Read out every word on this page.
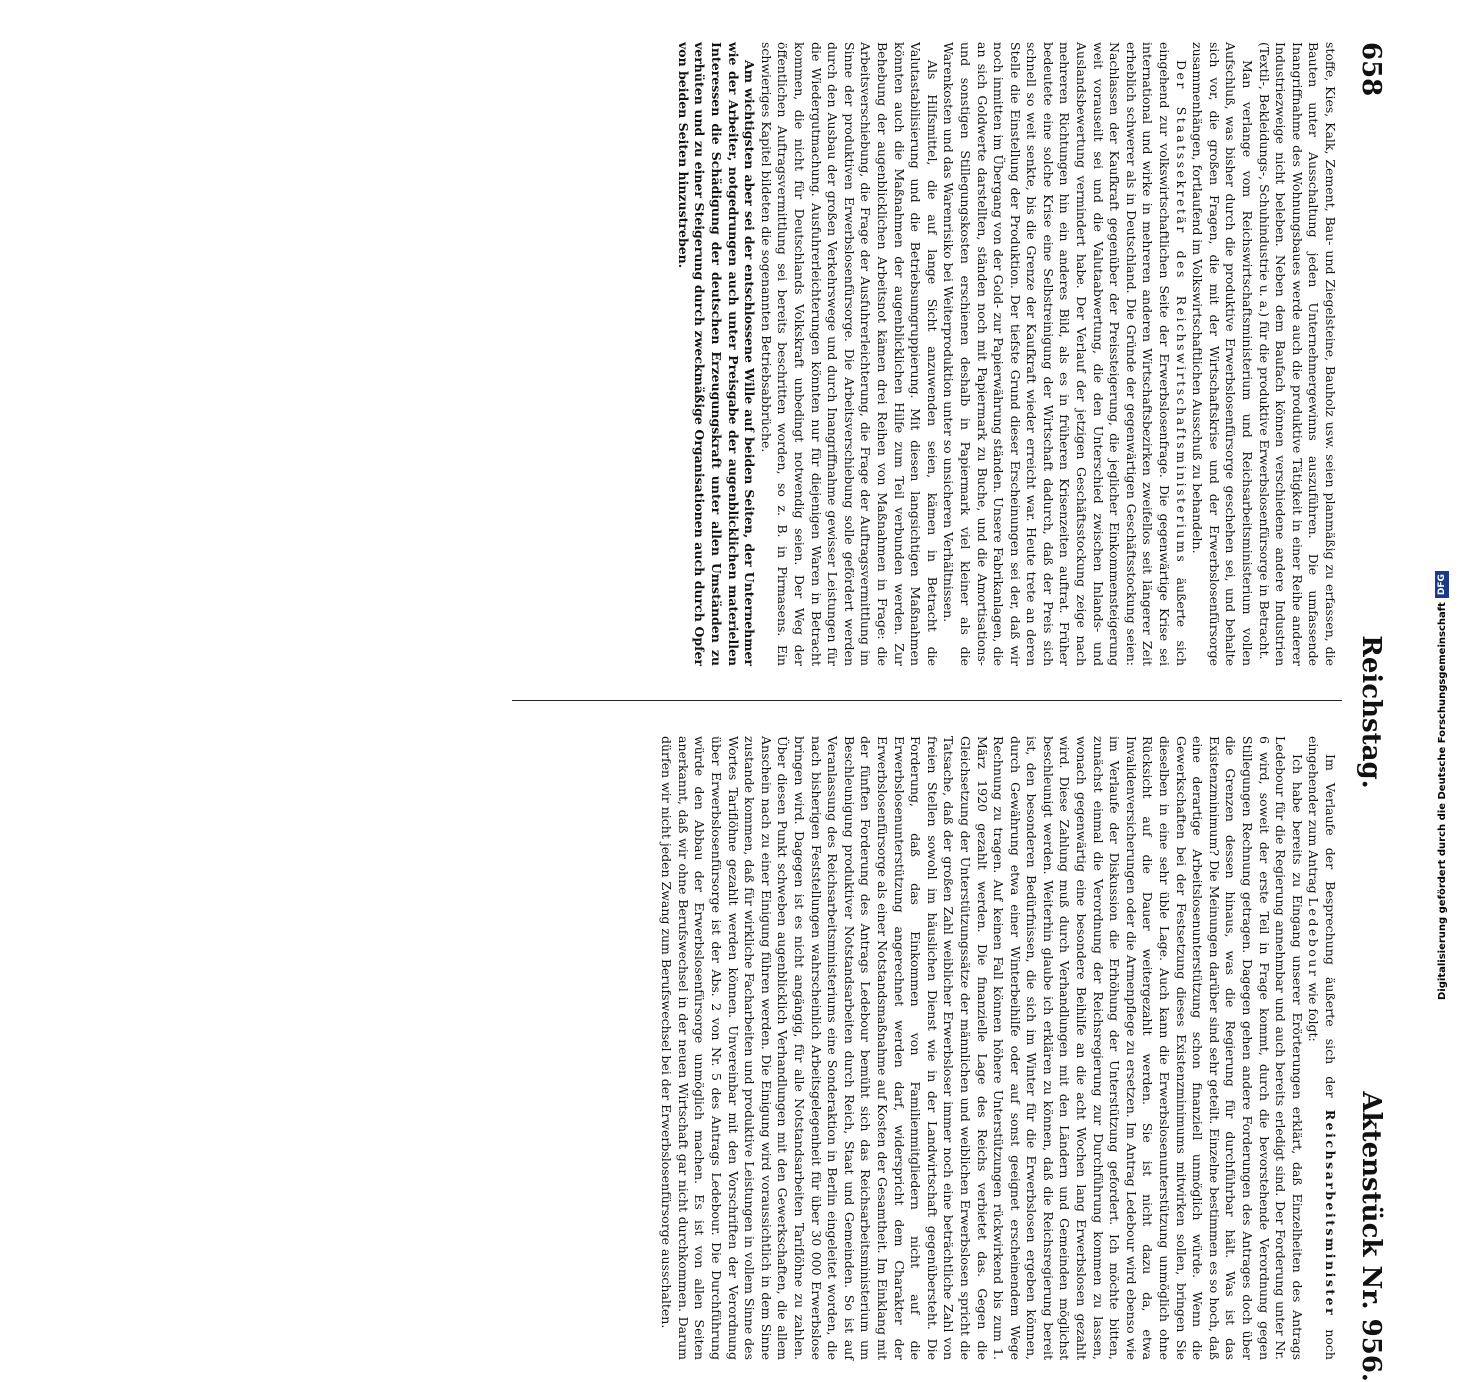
658
Reichstag.
Aktenstück Nr. 956.

stoffe, Kies, Kalk, Zement, Bau- und Ziegelsteine, Bauholz usw. seien planmäßig zu erfassen, die Bauten unter Ausschaltung jeden Unternehmergewinns auszuführen. Die umfassende Inangriffnahme des Wohnungsbaues werde auch die produktive Tätigkeit in einer Reihe anderer Industriezweige nicht beleben. Neben dem Baufach können verschiedene andere Industrien (Textil-, Bekleidungs-, Schuhindustrie u. a.) für die produktive Erwerbslosenfürsorge in Betracht.

Man verlange vom Reichswirtschaftsministerium und Reichsarbeitsministerium vollen Aufschluß, was bisher durch die produktive Erwerbslosenfürsorge geschehen sei, und behalte sich vor, die großen Fragen, die mit der Wirtschaftskrise und der Erwerbslosenfürsorge zusammenhängen, fortlaufend im Volkswirtschaftlichen Ausschuß zu behandeln.

Der Staatssekretär des Reichswirtschaftsministeriums äußerte sich eingehend zur volkswirtschaftlichen Seite der Erwerbslosenfrage. Die gegenwärtige Krise sei international und wirke in mehreren anderen Wirtschaftsbezirken zweifellos seit längerer Zeit erheblich schwerer als in Deutschland. Die Gründe der gegenwärtigen Geschäftsstockung seien: Nachlassen der Kaufkraft gegenüber der Preissteigerung, die jeglicher Einkommensteigerung weit vorauseilt sei und die Valutaabwertung, die den Unterschied zwischen Inlands- und Auslandsbewertung vermindert habe. Der Verlauf der jetzigen Geschäftsstockung zeige nach mehreren Richtungen hin ein anderes Bild, als es in früheren Krisenzeiten auftrat. Früher bedeutete eine solche Krise eine Selbstreinigung der Wirtschaft dadurch, daß der Preis sich schnell so weit senkte, bis die Grenze der Kaufkraft wieder erreicht war. Heute trete an deren Stelle die Einstellung der Produktion. Der tiefste Grund dieser Erscheinungen sei der, daß wir noch inmitten im Übergang von der Gold- zur Papierwährung ständen. Unsere Fabrikanlagen, die an sich Goldwerte darstellten, ständen noch mit Papiermark zu Buche, und die Amortisations- und sonstigen Stillegungskosten erschienen deshalb in Papiermark viel kleiner als die Warenkosten und das Warenrisiko bei Weiterproduktion unter so unsicheren Verhältnissen.

Als Hilfsmittel, die auf lange Sicht anzuwenden seien, kämen in Betracht die Valutastabilisierung und die Betriebsumgruppierung. Mit diesen langsichtigen Maßnahmen könnten auch die Maßnahmen der augenblicklichen Hilfe zum Teil verbunden werden. Zur Behebung der augenblicklichen Arbeitsnot kämen drei Reihen von Maßnahmen in Frage: die Arbeitsverschiebung, die Frage der Ausfuhrerleichterung, die Frage der Auftragsvermittlung im Sinne der produktiven Erwerbslosenfürsorge. Die Arbeitsverschiebung solle gefördert werden durch den Ausbau der großen Verkehrswege und durch Inangriffnahme gewisser Leistungen für die Wiedergutmachung. Ausfuhrerleichterungen könnten nur für diejenigen Waren in Betracht kommen, die nicht für Deutschlands Volkskraft unbedingt notwendig seien. Der Weg der öffentlichen Auftragsvermittlung sei bereits beschritten worden, so z. B. in Pirmasens. Ein schwieriges Kapitel bildeten die sogenannten Betriebsabbrüche.

Am wichtigsten aber sei der entschlossene Wille auf beiden Seiten, der Unternehmer wie der Arbeiter, notgedrungen auch unter Preisgabe der augenblicklichen materiellen Interessen die Schädigung der deutschen Erzeugungskraft unter allen Umständen zu verhüten und zu einer Steigerung durch zweckmäßige Organisationen auch durch Opfer von beiden Seiten hinzustreben.

Im Verlaufe der Besprechung äußerte sich der Reichsarbeitsminister noch eingehender zum Antrag Ledebour wie folgt:

Ich habe bereits zu Eingang unserer Erörterungen erklärt, daß Einzelheiten des Antrags Ledebour für die Regierung annehmbar und auch bereits erledigt sind. Der Forderung unter Nr. 6 wird, soweit der erste Teil in Frage kommt, durch die bevorstehende Verordnung gegen Stillegungen Rechnung getragen. Dagegen gehen andere Forderungen des Antrages doch über die Grenzen dessen hinaus, was die Regierung für durchführbar hält. Was ist das Existenzminimum? Die Meinungen darüber sind sehr geteilt. Einzelne bestimmen es so hoch, daß eine derartige Arbeitslosenunterstützung schon finanziell unmöglich würde. Wenn die Gewerkschaften bei der Festsetzung dieses Existenzminimums mitwirken sollen, bringen Sie dieselben in eine sehr üble Lage. Auch kann die Erwerbslosenunterstützung unmöglich ohne Rücksicht auf die Dauer weitergezahlt werden. Sie ist nicht dazu da, etwa Invalidenversicherungen oder die Armenpflege zu ersetzen. Im Antrag Ledebour wird ebenso wie im Verlaufe der Diskussion die Erhöhung der Unterstützung gefordert. Ich möchte bitten, zunächst einmal die Verordnung der Reichsregierung zur Durchführung kommen zu lassen, wonach gegenwärtig eine besondere Beihilfe an die acht Wochen lang Erwerbslosen gezahlt wird. Diese Zahlung muß durch Verhandlungen mit den Ländern und Gemeinden möglichst beschleunigt werden. Weiterhin glaube ich erklären zu können, daß die Reichsregierung bereit ist, den besonderen Bedürfnissen, die sich im Winter für die Erwerbslosen ergeben können, durch Gewährung etwa einer Winterbeihilfe oder auf sonst geeignet erscheinendem Wege Rechnung zu tragen. Auf keinen Fall können höhere Unterstützungen rückwirkend bis zum 1. März 1920 gezahlt werden. Die finanzielle Lage des Reichs verbietet das. Gegen die Gleichsetzung der Unterstützungssätze der männlichen und weiblichen Erwerbslosen spricht die Tatsache, daß der großen Zahl weiblicher Erwerbsloser immer noch eine beträchtliche Zahl von freien Stellen sowohl im häuslichen Dienst wie in der Landwirtschaft gegenübersteht. Die Forderung, daß das Einkommen von Familienmitgliedern nicht auf die Erwerbslosenunterstützung angerechnet werden darf, widerspricht dem Charakter der Erwerbslosenfürsorge als einer Notstandsmaßnahme auf Kosten der Gesamtheit. Im Einklang mit der fünften Forderung des Antrags Ledebour bemüht sich das Reichsarbeitsministerium um Beschleunigung produktiver Notstandsarbeiten durch Reich, Staat und Gemeinden. So ist auf Veranlassung des Reichsarbeitsministeriums eine Sonderaktion in Berlin eingeleitet worden, die nach bisherigen Feststellungen wahrscheinlich Arbeitsgelegenheit für über 30 000 Erwerbslose bringen wird. Dagegen ist es nicht angängig, für alle Notstandsarbeiten Tariflöhne zu zahlen. Über diesen Punkt schweben augenblicklich Verhandlungen mit den Gewerkschaften, die allem Anschein nach zu einer Einigung führen werden. Die Einigung wird voraussichtlich in dem Sinne zustande kommen, daß für wirkliche Facharbeiten und produktive Leistungen in vollem Sinne des Wortes Tariflöhne gezahlt werden können. Unvereinbar mit den Vorschriften der Verordnung über Erwerbslosenfürsorge ist der Abs. 2 von Nr. 5 des Antrags Ledebour. Die Durchführung würde den Abbau der Erwerbslosenfürsorge unmöglich machen. Es ist von allen Seiten anerkannt, daß wir ohne Berufswechsel in der neuen Wirtschaft gar nicht durchkommen. Darum dürfen wir nicht jeden Zwang zum Berufswechsel bei der Erwerbslosenfürsorge ausschalten.	Digitalisierung gefördert durch die Deutsche ForschungsgemeinschaftDFG
